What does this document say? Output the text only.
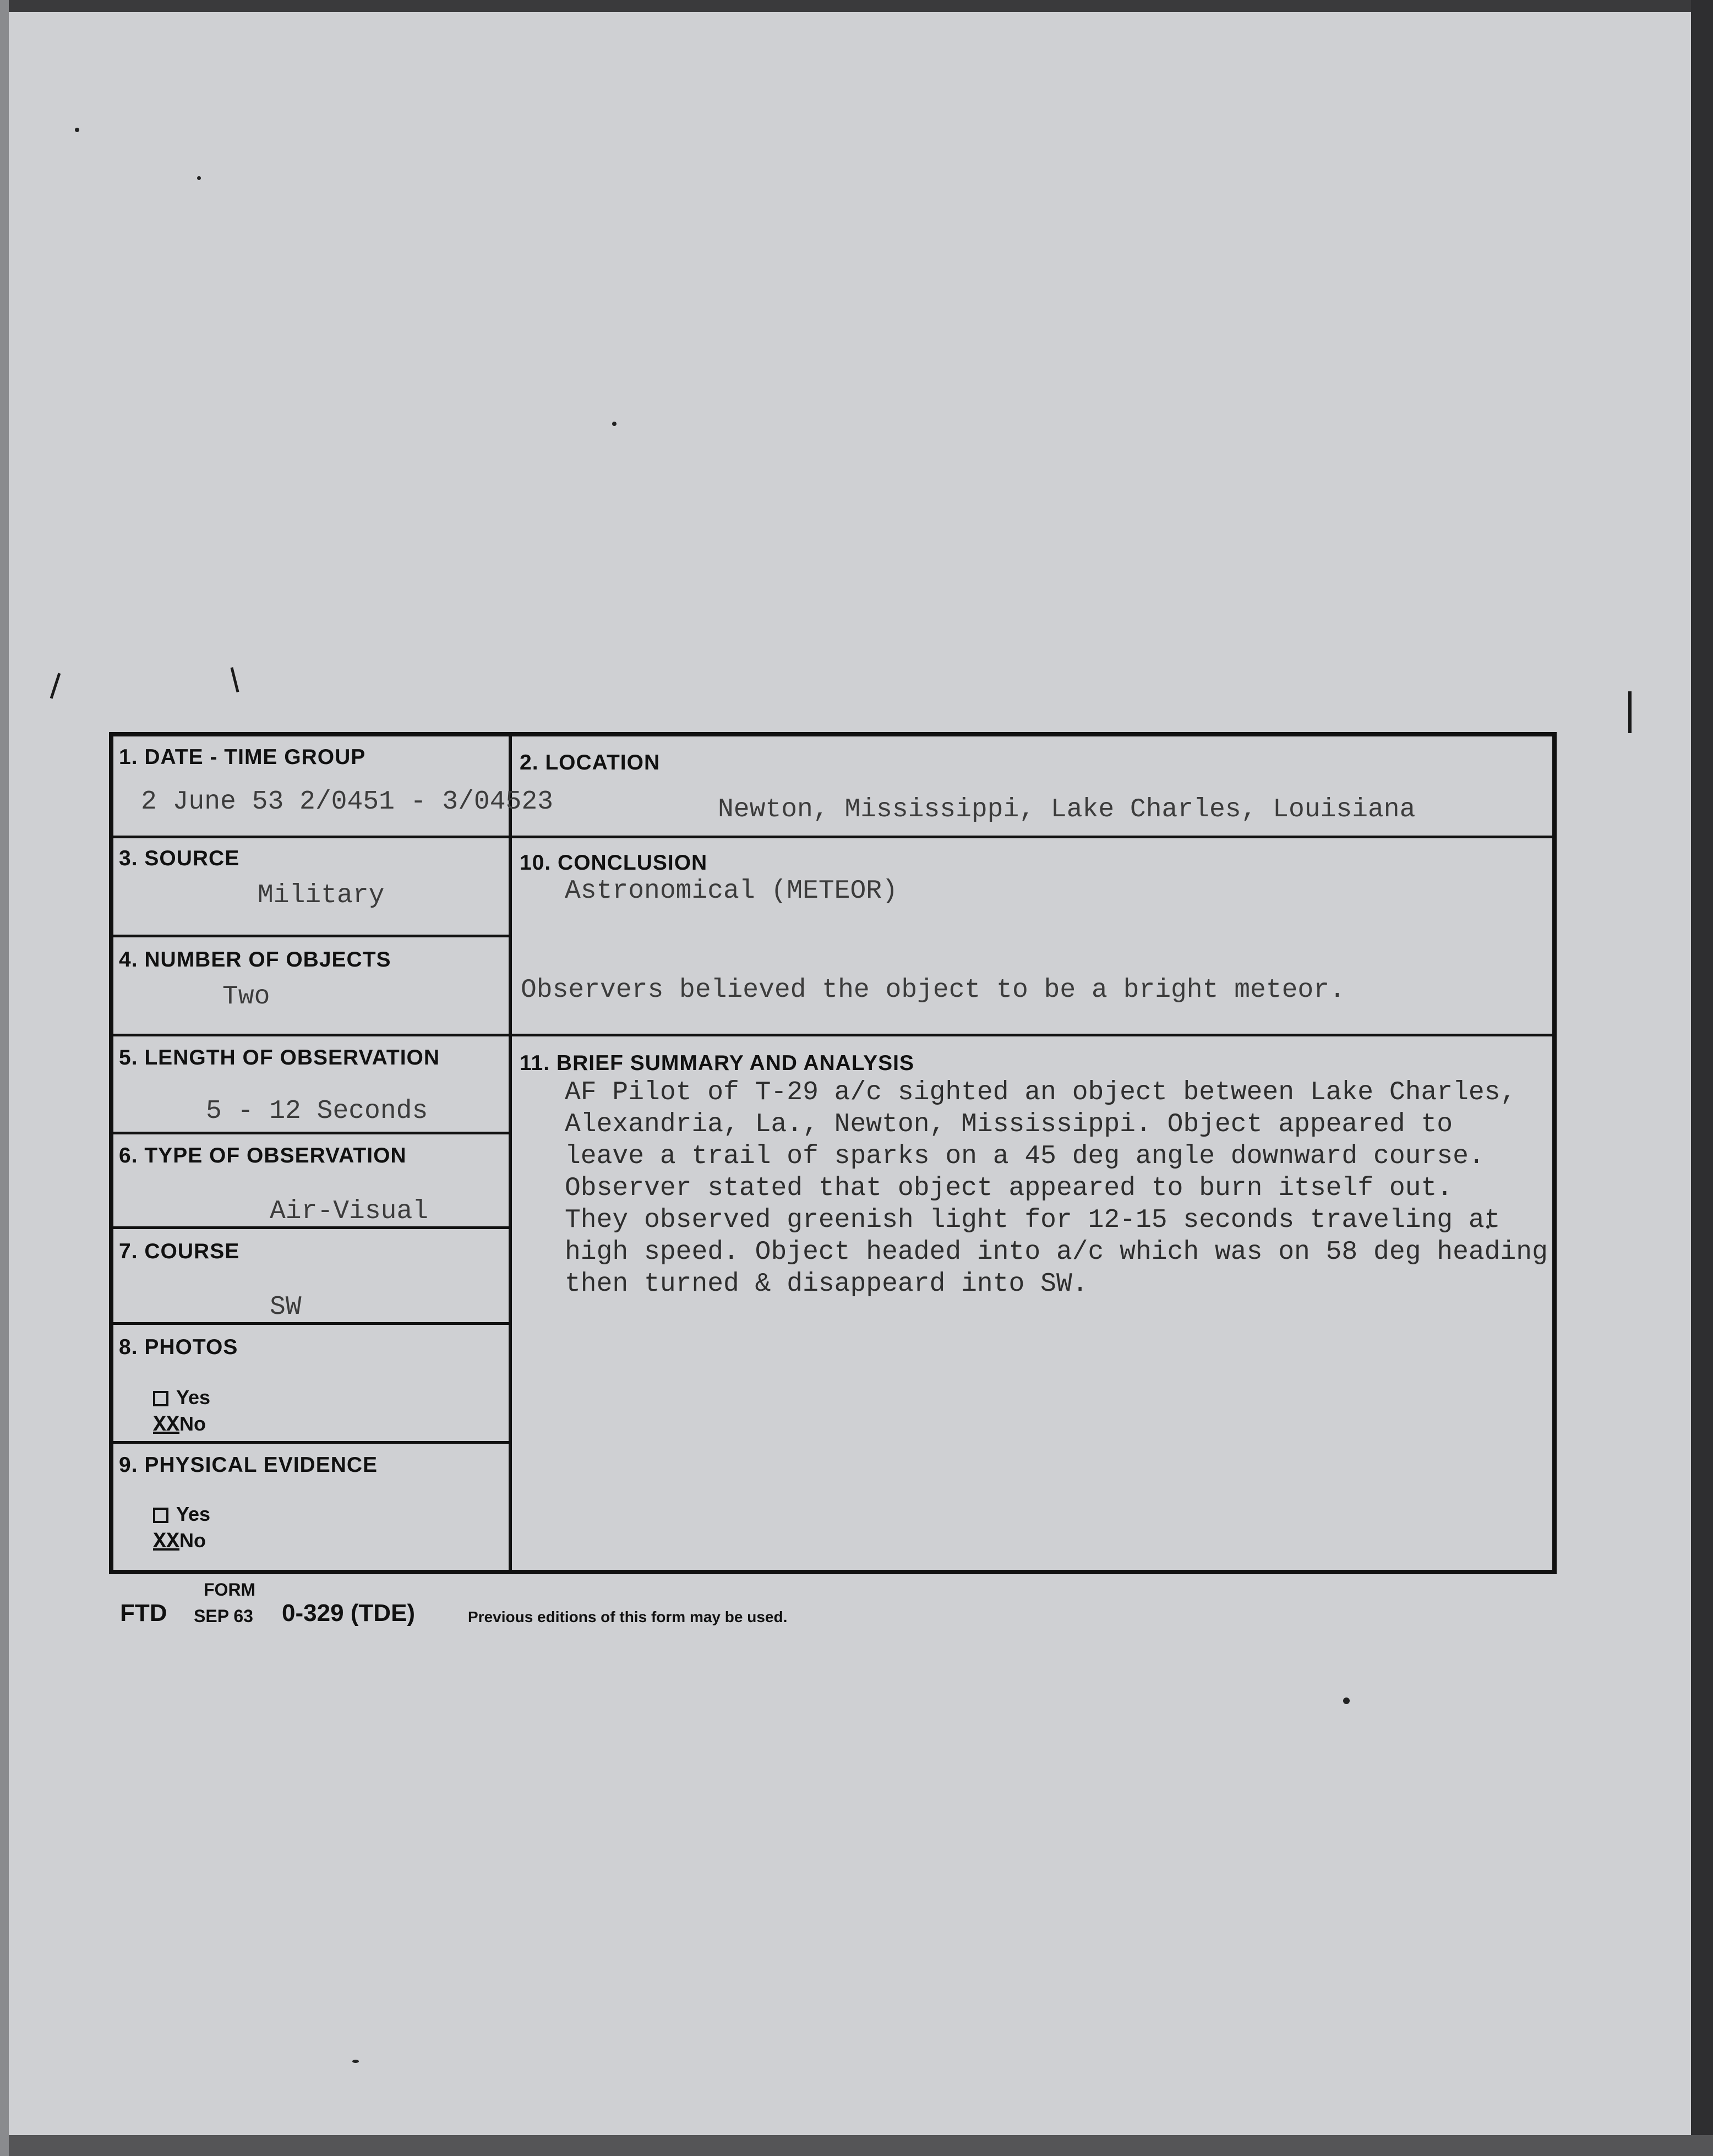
1. DATE - TIME GROUP
2 June 53 2/0451 - 3/04523
2. LOCATION
Newton, Mississippi, Lake Charles, Louisiana
3. SOURCE
Military
10. CONCLUSION
Astronomical (METEOR)
Observers believed the object to be a bright meteor.
4. NUMBER OF OBJECTS
Two
5. LENGTH OF OBSERVATION
5 - 12 Seconds
11. BRIEF SUMMARY AND ANALYSIS
AF Pilot of T-29 a/c sighted an object between Lake Charles,
Alexandria, La., Newton, Mississippi. Object appeared to
leave a trail of sparks on a 45 deg angle downward course.
Observer stated that object appeared to burn itself out.
They observed greenish light for 12-15 seconds traveling at
high speed. Object headed into a/c which was on 58 deg heading
then turned & disappeard into SW.
6. TYPE OF OBSERVATION
Air-Visual
7. COURSE
SW
8. PHOTOS
Yes
XXNo
9. PHYSICAL EVIDENCE
Yes
XXNo
FORM
FTD SEP 63 0-329 (TDE)	Previous editions of this form may be used.
